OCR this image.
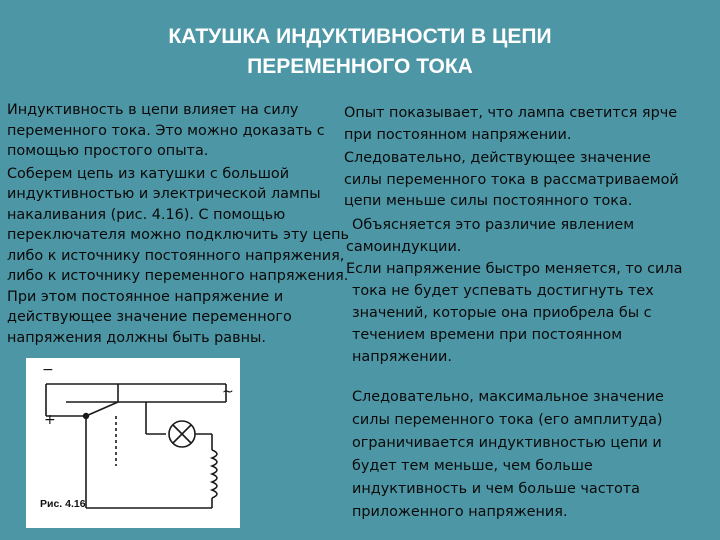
КАТУШКА ИНДУКТИВНОСТИ В ЦЕПИ
ПЕРЕМЕННОГО ТОКА
Индуктивность в цепи влияет на силу
переменного тока. Это можно доказать с
помощью простого опыта.
Соберем цепь из катушки с большой
индуктивностью и электрической лампы
накаливания (рис. 4.16). С помощью
переключателя можно подключить эту цепь
либо к источнику постоянного напряжения,
либо к источнику переменного напряжения.
При этом постоянное напряжение и
действующее значение переменного
напряжения должны быть равны.
Опыт показывает, что лампа светится ярче
при постоянном напряжении.
Следовательно, действующее значение
силы переменного тока в рассматриваемой
цепи меньше силы постоянного тока.
Объясняется это различие явлением
самоиндукции.
Если напряжение быстро меняется, то сила
тока не будет успевать достигнуть тех
значений, которые она приобрела бы с
течением времени при постоянном
напряжении.
Следовательно, максимальное значение
силы переменного тока (его амплитуда)
ограничивается индуктивностью цепи и
будет тем меньше, чем больше
индуктивность и чем больше частота
приложенного напряжения.
−
+
~
Рис. 4.16
